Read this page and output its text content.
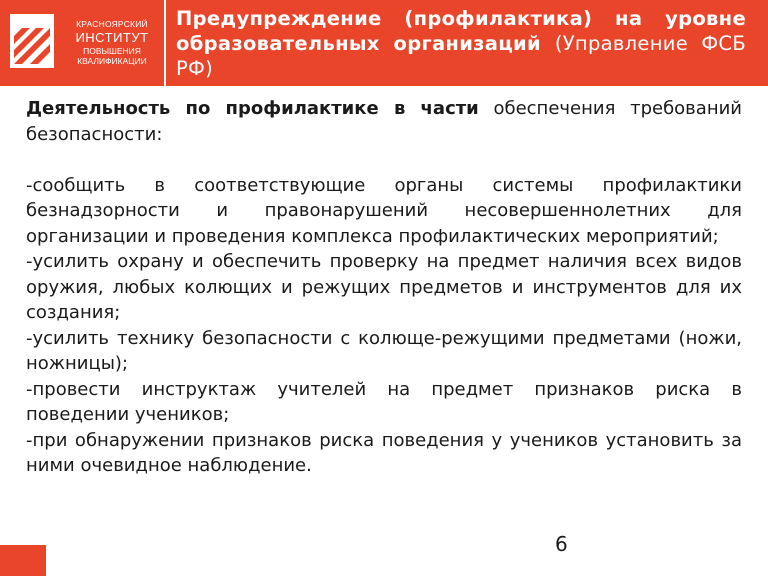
КРАСНОЯРСКИЙ
ИНСТИТУТ
ПОВЫШЕНИЯ
КВАЛИФИКАЦИИ
Предупреждение (профилактика) на уровне образовательных организаций (Управление ФСБ РФ)

Деятельность по профилактике в части обеспечения требований безопасности:

-сообщить в соответствующие органы системы профилактики безнадзорности и правонарушений несовершеннолетних для организации и проведения комплекса профилактических мероприятий;

-усилить охрану и обеспечить проверку на предмет наличия всех видов оружия, любых колющих и режущих предметов и инструментов для их создания;

-усилить технику безопасности с колюще-режущими предметами (ножи, ножницы);

-провести инструктаж учителей на предмет признаков риска в поведении учеников;

-при обнаружении признаков риска поведения у учеников установить за ними очевидное наблюдение.

6
